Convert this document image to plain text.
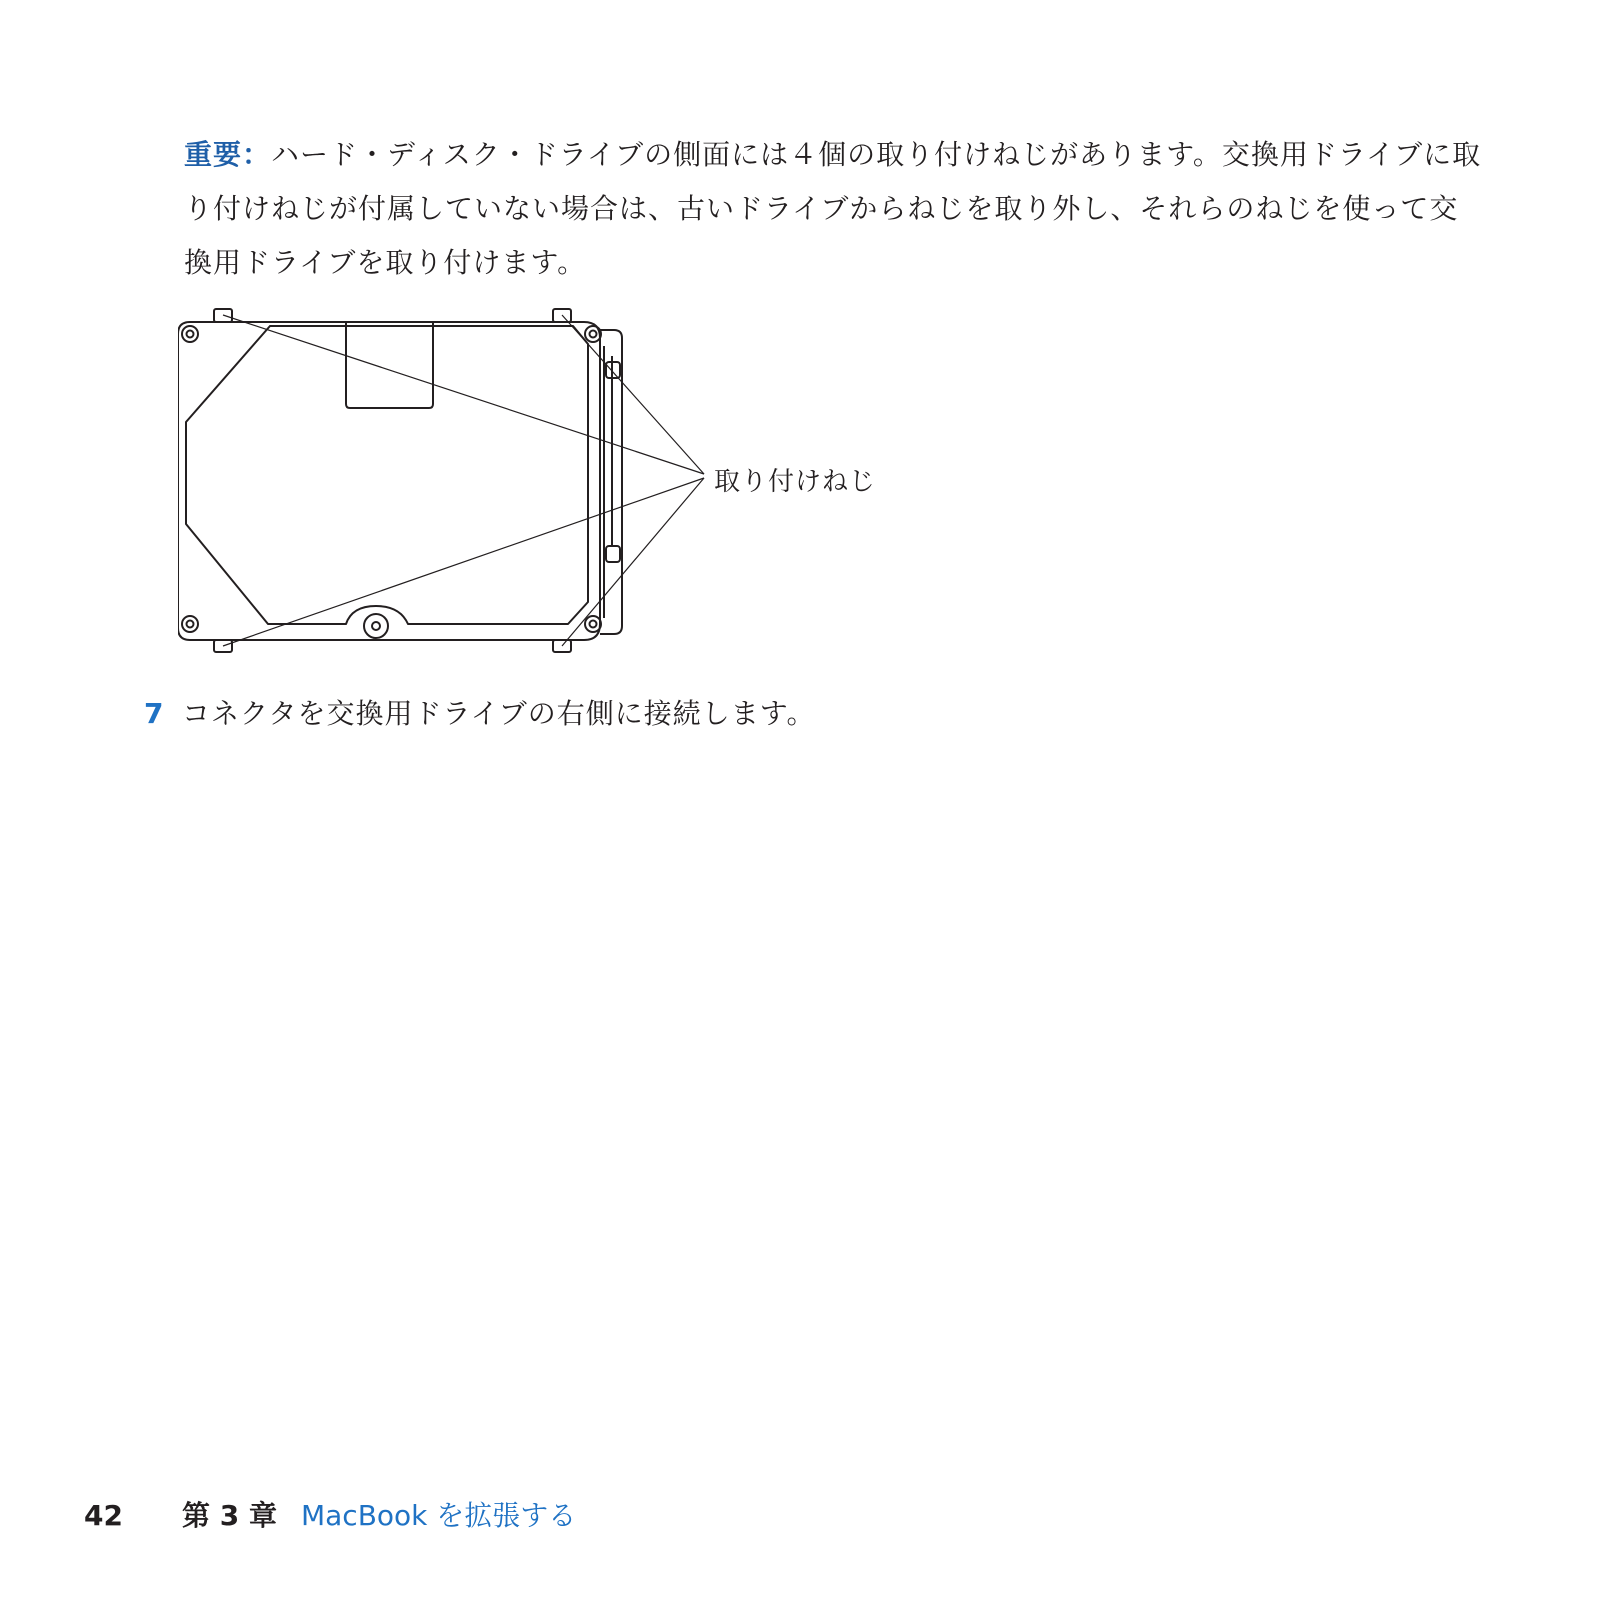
重要：ハード・ディスク・ドライブの側面には４個の取り付けねじがあります。交換用ドライブに取り付けねじが付属していない場合は、古いドライブからねじを取り外し、それらのねじを使って交換用ドライブを取り付けます。
取り付けねじ
7 コネクタを交換用ドライブの右側に接続します。
42 第 3 章 MacBook を拡張する
